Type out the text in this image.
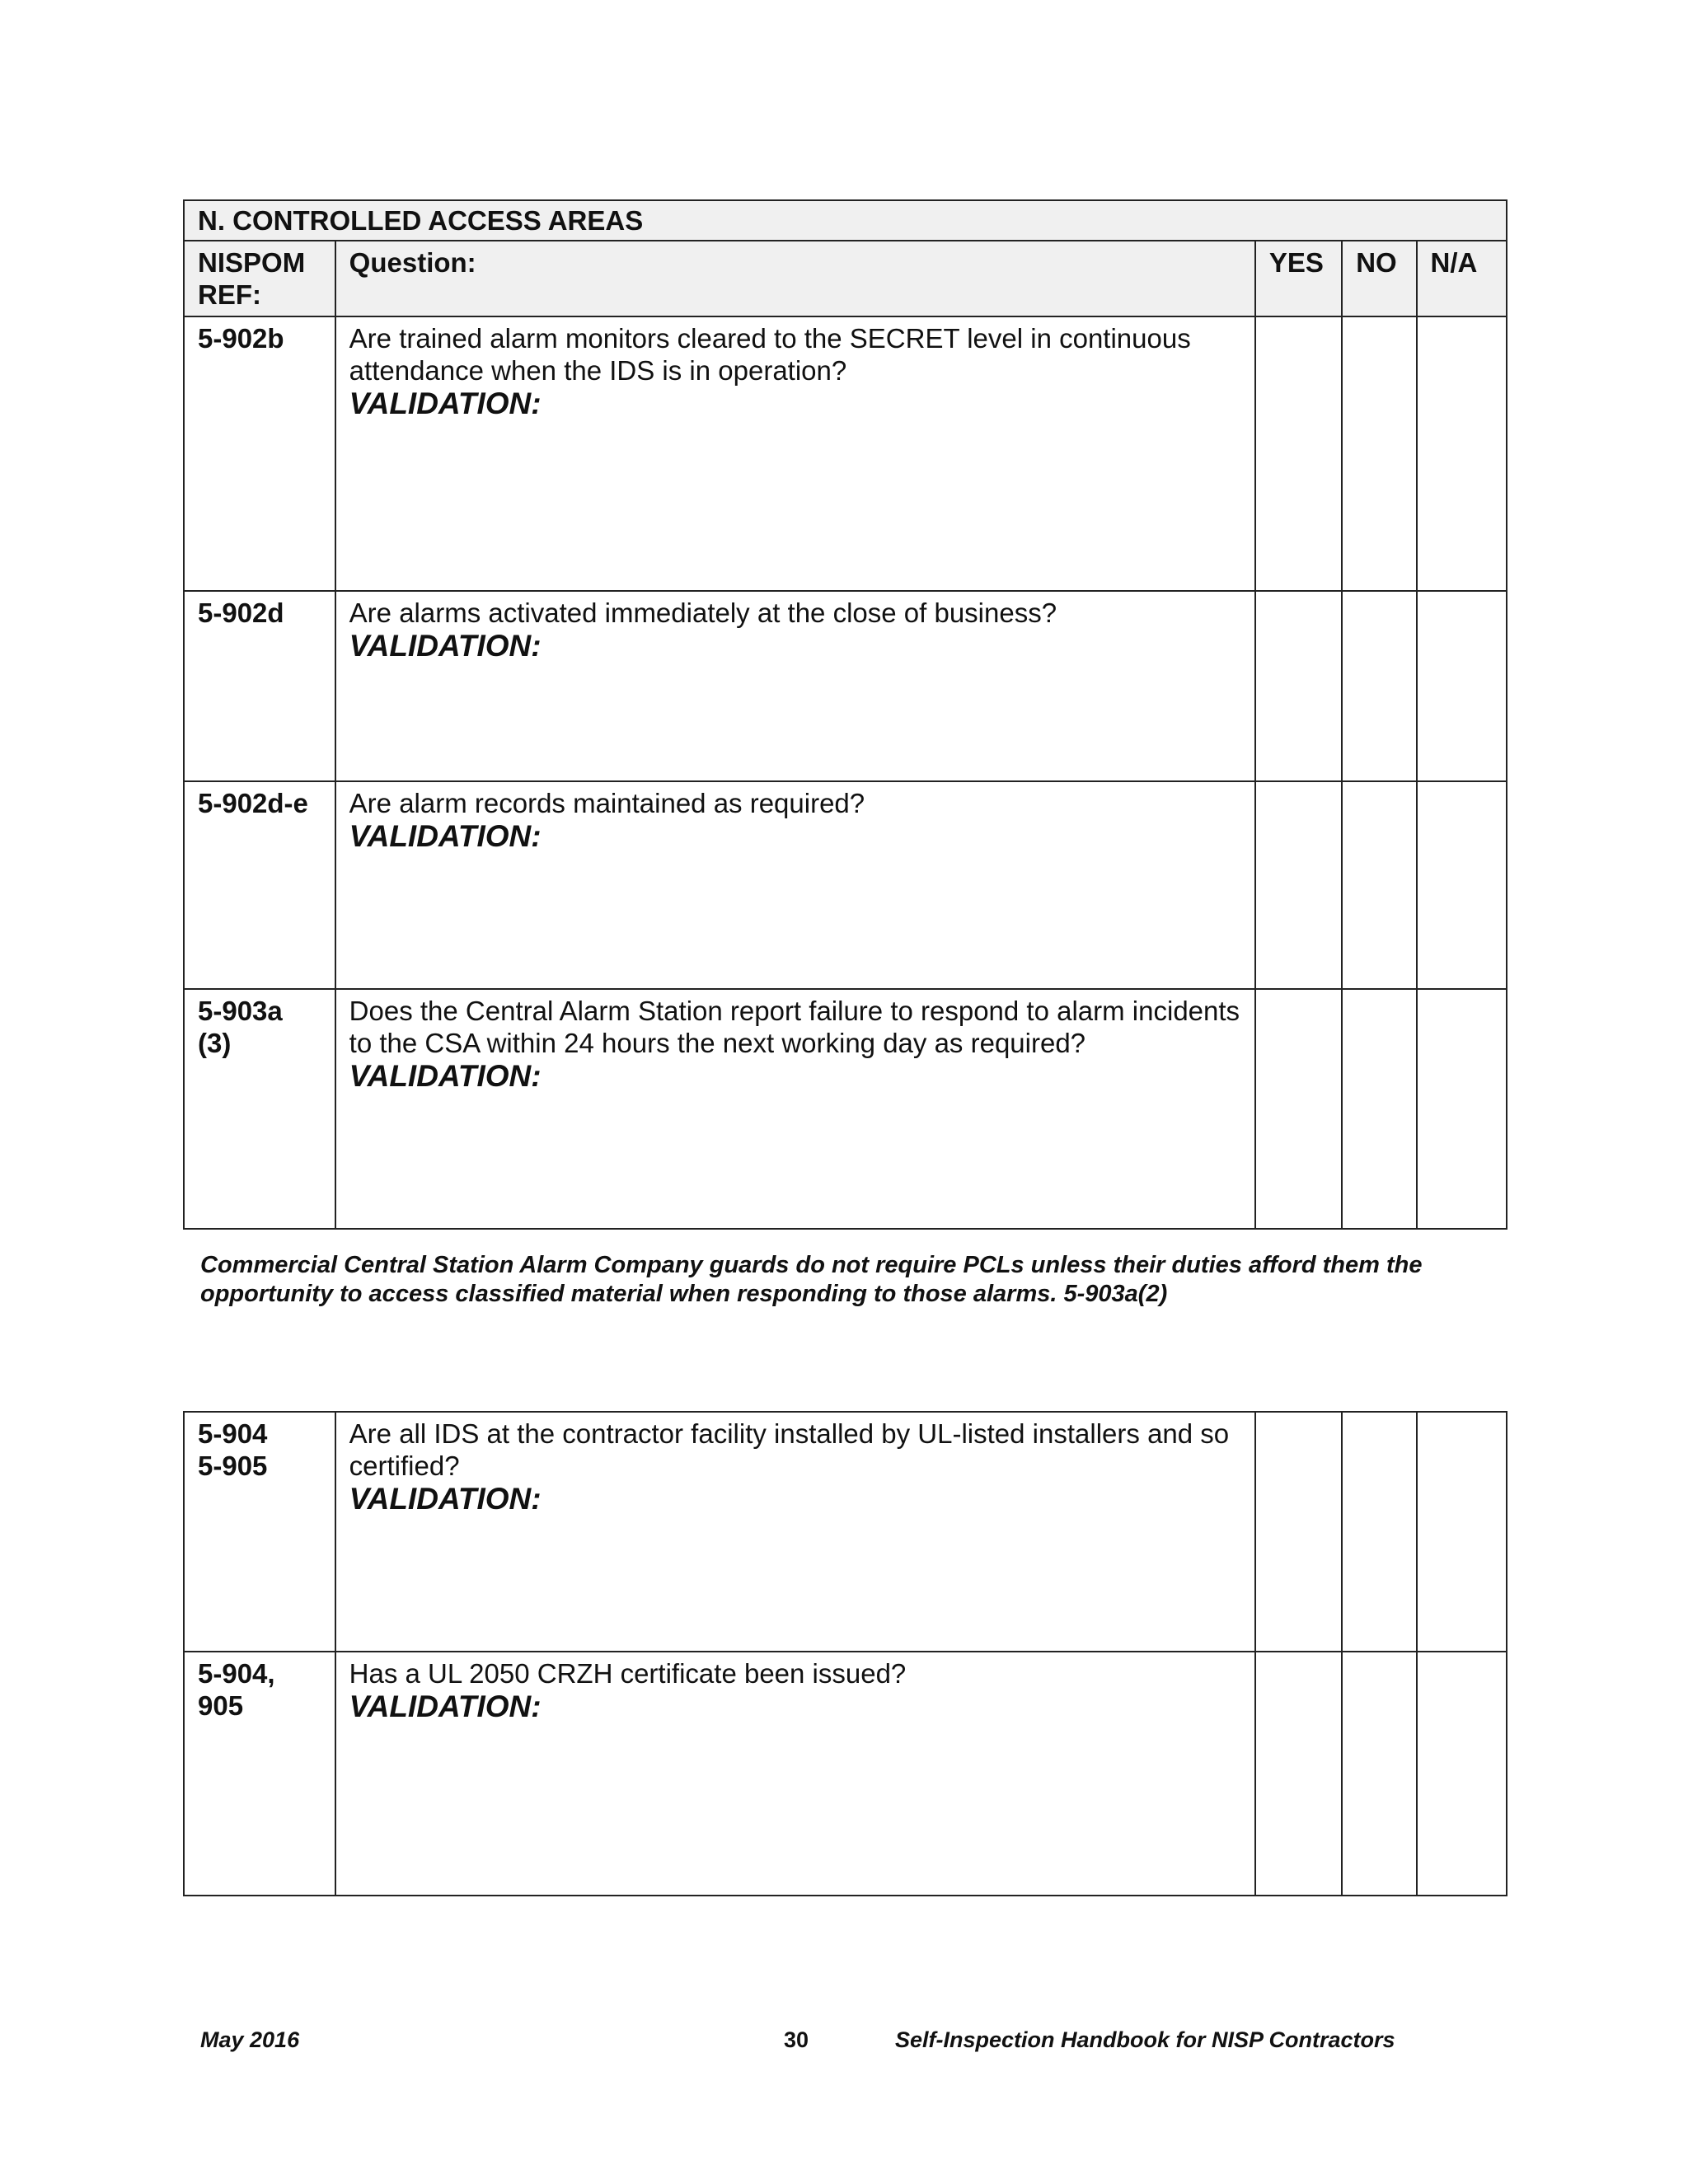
N. CONTROLLED ACCESS AREAS				
NISPOM
REF:	Question:	YES	NO	N/A
5-902b	Are trained alarm monitors cleared to the SECRET level in continuous attendance when the IDS is in operation?
VALIDATION:			

5-902d	Are alarms activated immediately at the close of business?
VALIDATION:			

5-902d-e	Are alarm records maintained as required?
VALIDATION:			

5-903a
(3)	Does the Central Alarm Station report failure to respond to alarm incidents to the CSA within 24 hours the next working day as required?
VALIDATION:			

Commercial Central Station Alarm Company guards do not require PCLs unless their duties afford them the opportunity to access classified material when responding to those alarms. 5-903a(2)
5-904
5-905	Are all IDS at the contractor facility installed by UL-listed installers and so certified?
VALIDATION:			

5-904,
905	Has a UL 2050 CRZH certificate been issued?
VALIDATION:			

May 2016	30	Self-Inspection Handbook for NISP Contractors
